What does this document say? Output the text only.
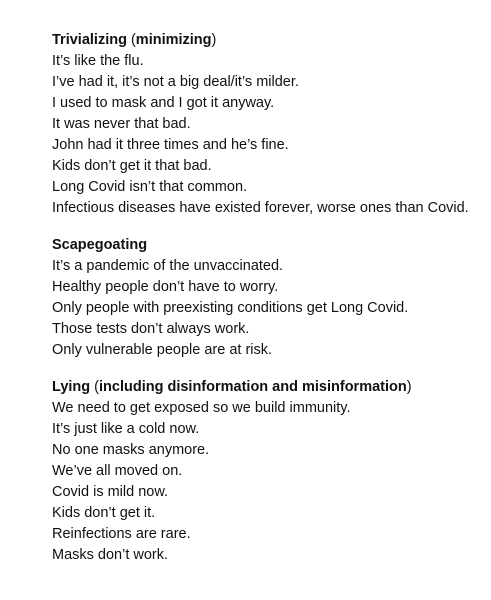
Trivializing (minimizing)

It’s like the flu.

I’ve had it, it’s not a big deal/it’s milder.

I used to mask and I got it anyway.

It was never that bad.

John had it three times and he’s fine.

Kids don’t get it that bad.

Long Covid isn’t that common.

Infectious diseases have existed forever, worse ones than Covid.

Scapegoating

It’s a pandemic of the unvaccinated.

Healthy people don’t have to worry.

Only people with preexisting conditions get Long Covid.

Those tests don’t always work.

Only vulnerable people are at risk.

Lying (including disinformation and misinformation)

We need to get exposed so we build immunity.

It’s just like a cold now.

No one masks anymore.

We’ve all moved on.

Covid is mild now.

Kids don’t get it.

Reinfections are rare.

Masks don’t work.
